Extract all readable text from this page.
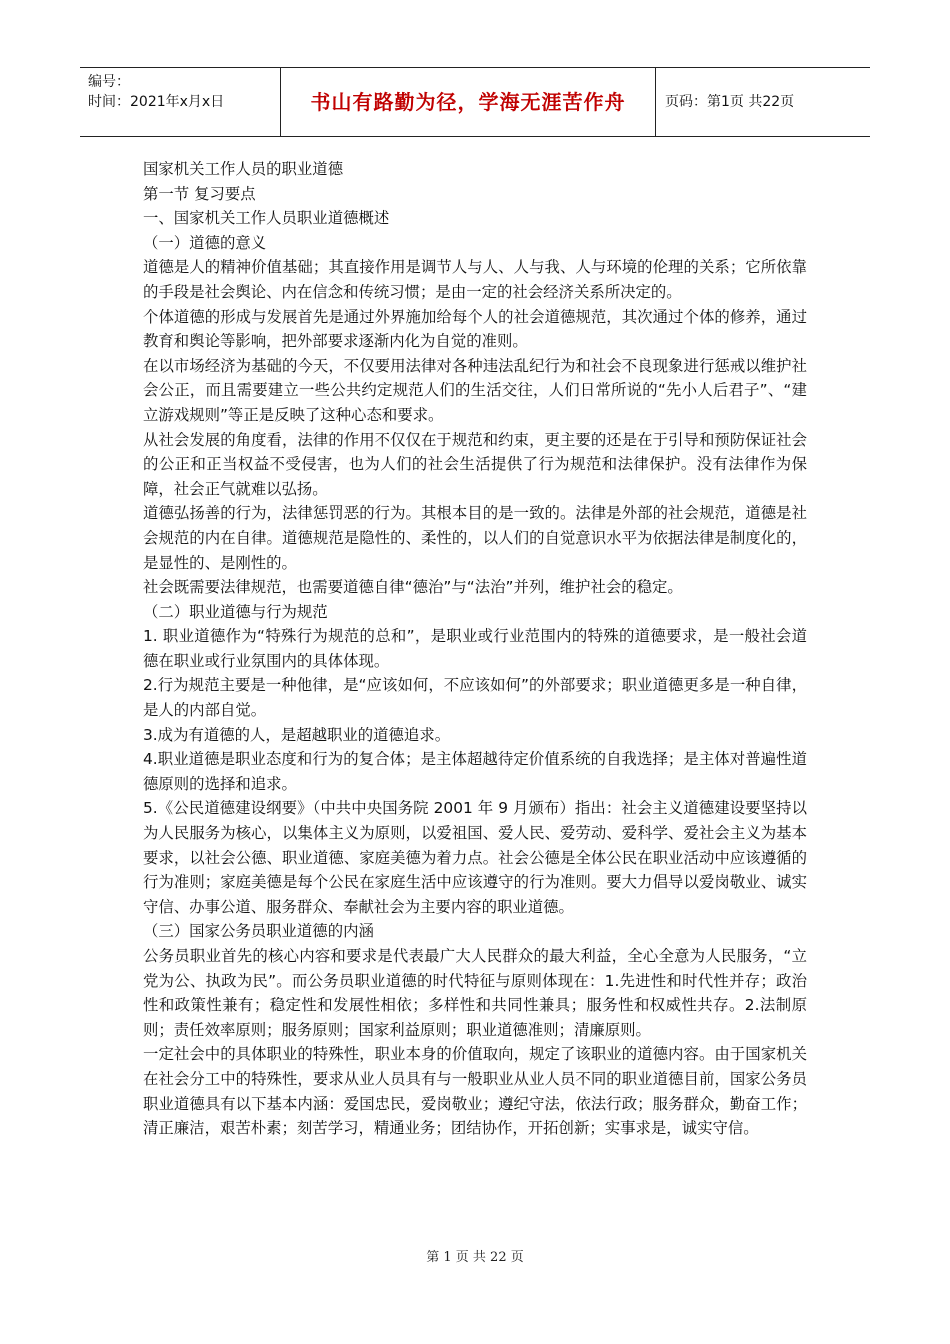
编号：
时间：2021年x月x日	书山有路勤为径，学海无涯苦作舟	页码：第1页 共22页

国家机关工作人员的职业道德

第一节 复习要点

一、国家机关工作人员职业道德概述

（一）道德的意义

道德是人的精神价值基础；其直接作用是调节人与人、人与我、人与环境的伦理的关系；它所依靠的手段是社会舆论、内在信念和传统习惯；是由一定的社会经济关系所决定的。

个体道德的形成与发展首先是通过外界施加给每个人的社会道德规范，其次通过个体的修养，通过教育和舆论等影响，把外部要求逐渐内化为自觉的准则。

在以市场经济为基础的今天，不仅要用法律对各种违法乱纪行为和社会不良现象进行惩戒以维护社会公正，而且需要建立一些公共约定规范人们的生活交往，人们日常所说的“先小人后君子”、“建立游戏规则”等正是反映了这种心态和要求。

从社会发展的角度看，法律的作用不仅仅在于规范和约束，更主要的还是在于引导和预防保证社会的公正和正当权益不受侵害，也为人们的社会生活提供了行为规范和法律保护。没有法律作为保障，社会正气就难以弘扬。

道德弘扬善的行为，法律惩罚恶的行为。其根本目的是一致的。法律是外部的社会规范，道德是社会规范的内在自律。道德规范是隐性的、柔性的，以人们的自觉意识水平为依据法律是制度化的，是显性的、是刚性的。

社会既需要法律规范，也需要道德自律“德治”与“法治”并列，维护社会的稳定。

（二）职业道德与行为规范

1. 职业道德作为“特殊行为规范的总和”，是职业或行业范围内的特殊的道德要求，是一般社会道德在职业或行业氛围内的具体体现。

2.行为规范主要是一种他律，是“应该如何，不应该如何”的外部要求；职业道德更多是一种自律，是人的内部自觉。

3.成为有道德的人，是超越职业的道德追求。

4.职业道德是职业态度和行为的复合体；是主体超越待定价值系统的自我选择；是主体对普遍性道德原则的选择和追求。

5.《公民道德建设纲要》（中共中央国务院 2001 年 9 月颁布）指出：社会主义道德建设要坚持以为人民服务为核心，以集体主义为原则，以爱祖国、爱人民、爱劳动、爱科学、爱社会主义为基本要求，以社会公德、职业道德、家庭美德为着力点。社会公德是全体公民在职业活动中应该遵循的行为准则；家庭美德是每个公民在家庭生活中应该遵守的行为准则。要大力倡导以爱岗敬业、诚实守信、办事公道、服务群众、奉献社会为主要内容的职业道德。

（三）国家公务员职业道德的内涵

公务员职业首先的核心内容和要求是代表最广大人民群众的最大利益，全心全意为人民服务，“立党为公、执政为民”。而公务员职业道德的时代特征与原则体现在：1.先进性和时代性并存；政治性和政策性兼有；稳定性和发展性相依；多样性和共同性兼具；服务性和权威性共存。2.法制原则；责任效率原则；服务原则；国家利益原则；职业道德准则；清廉原则。

一定社会中的具体职业的特殊性，职业本身的价值取向，规定了该职业的道德内容。由于国家机关在社会分工中的特殊性，要求从业人员具有与一般职业从业人员不同的职业道德目前，国家公务员职业道德具有以下基本内涵：爱国忠民，爱岗敬业；遵纪守法，依法行政；服务群众，勤奋工作；清正廉洁，艰苦朴素；刻苦学习，精通业务；团结协作，开拓创新；实事求是，诚实守信。

第 1 页 共 22 页
